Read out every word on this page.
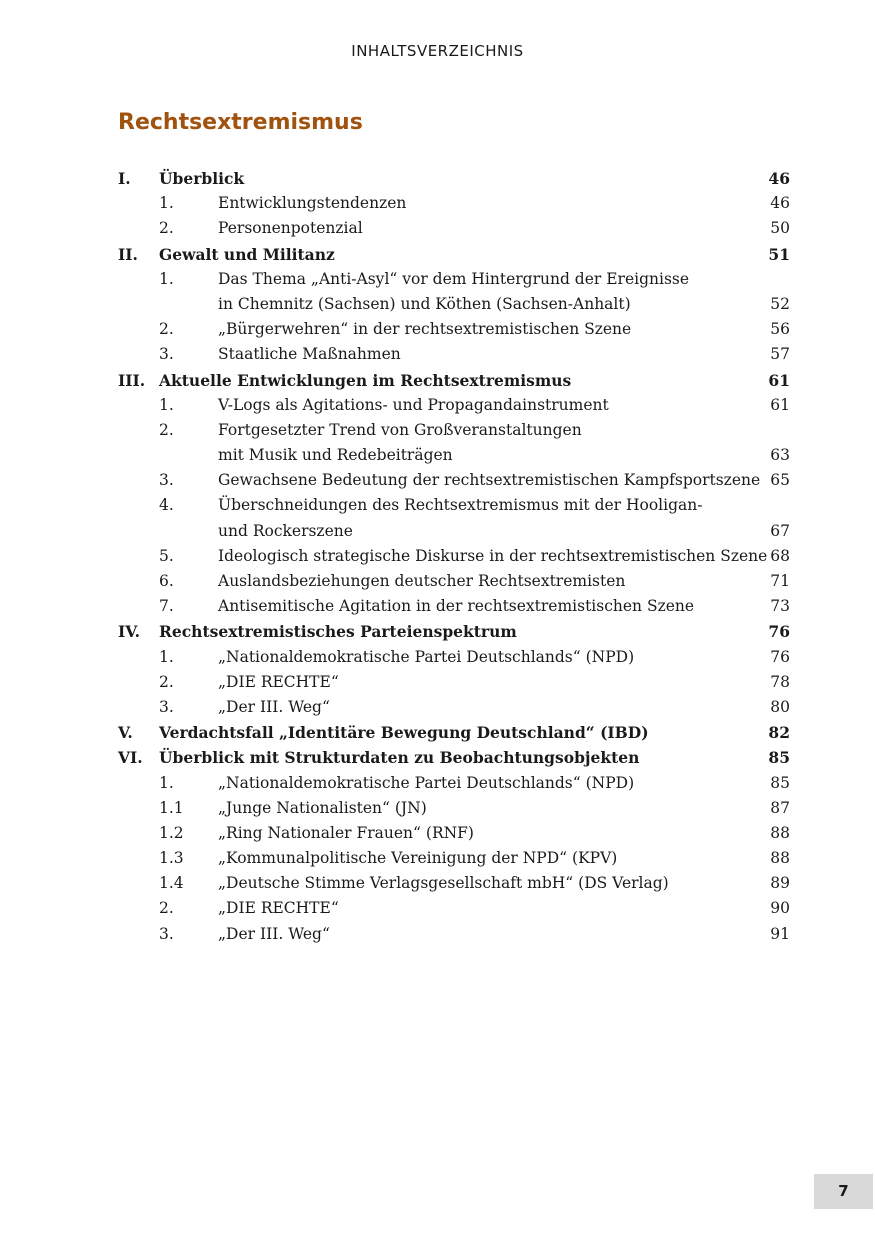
INHALTSVERZEICHNIS
Rechtsextremismus
I. Überblick	46
1.	Entwicklungstendenzen	46
2.	Personenpotenzial	50
II. Gewalt und Militanz	51
1.	Das Thema „Anti-Asyl“ vor dem Hintergrund der Ereignisse
in Chemnitz (Sachsen) und Köthen (Sachsen-Anhalt)	52
2.	„Bürgerwehren“ in der rechtsextremistischen Szene	56
3.	Staatliche Maßnahmen	57
III. Aktuelle Entwicklungen im Rechtsextremismus	61
1.	V-Logs als Agitations- und Propagandainstrument	61
2.	Fortgesetzter Trend von Großveranstaltungen
mit Musik und Redebeiträgen	63
3.	Gewachsene Bedeutung der rechtsextremistischen Kampfsportszene 65
4.	Überschneidungen des Rechtsextremismus mit der Hooligan-
und Rockerszene	67
5.	Ideologisch strategische Diskurse in der rechtsextremistischen Szene 68
6.	Auslandsbeziehungen deutscher Rechtsextremisten	71
7.	Antisemitische Agitation in der rechtsextremistischen Szene	73
IV. Rechtsextremistisches Parteienspektrum	76
1.	„Nationaldemokratische Partei Deutschlands“ (NPD)	76
2.	„DIE RECHTE“	78
3.	„Der III. Weg“	80
V. Verdachtsfall „Identitäre Bewegung Deutschland“ (IBD)	82
VI. Überblick mit Strukturdaten zu Beobachtungsobjekten	85
1.	„Nationaldemokratische Partei Deutschlands“ (NPD)	85
1.1 „Junge Nationalisten“ (JN)	87
1.2 „Ring Nationaler Frauen“ (RNF)	88
1.3 „Kommunalpolitische Vereinigung der NPD“ (KPV)	88
1.4 „Deutsche Stimme Verlagsgesellschaft mbH“ (DS Verlag)	89
2.	„DIE RECHTE“	90
3.	„Der III. Weg“	91
7
